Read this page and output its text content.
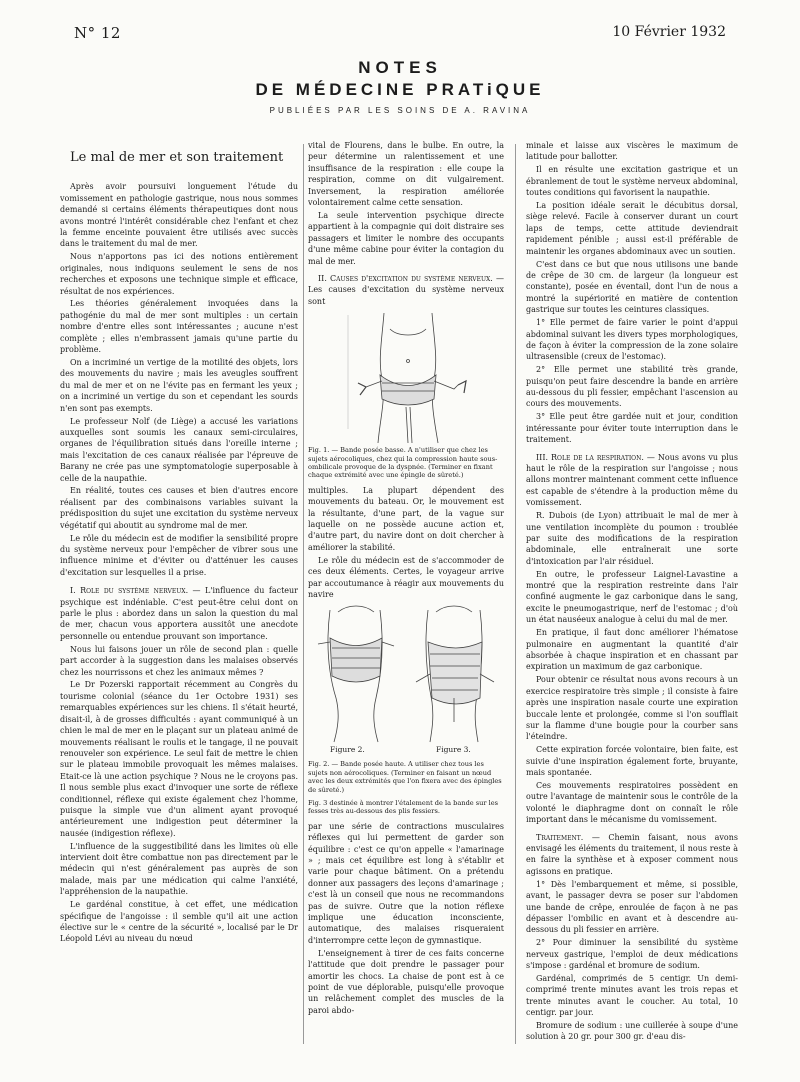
N° 12	10 Février 1932
NOTES
DE MÉDECINE PRATiQUE
PUBLIÉES PAR LES SOINS DE A. RAVINA
Le mal de mer et son traitement

Après avoir poursuivi longuement l'étude du vomissement en pathologie gastrique, nous nous sommes demandé si certains éléments thérapeutiques dont nous avons montré l'intérêt considérable chez l'enfant et chez la femme enceinte pouvaient être utilisés avec succès dans le traitement du mal de mer.

Nous n'apportons pas ici des notions entièrement originales, nous indiquons seulement le sens de nos recherches et exposons une technique simple et efficace, résultat de nos expériences.

Les théories généralement invoquées dans la pathogénie du mal de mer sont multiples : un certain nombre d'entre elles sont intéressantes ; aucune n'est complète ; elles n'embrassent jamais qu'une partie du problème.

On a incriminé un vertige de la motilité des objets, lors des mouvements du navire ; mais les aveugles souffrent du mal de mer et on ne l'évite pas en fermant les yeux ; on a incriminé un vertige du son et cependant les sourds n'en sont pas exempts.

Le professeur Nolf (de Liège) a accusé les variations auxquelles sont soumis les canaux semi-circulaires, organes de l'équilibration situés dans l'oreille interne ; mais l'excitation de ces canaux réalisée par l'épreuve de Barany ne crée pas une symptomatologie superposable à celle de la naupathie.

En réalité, toutes ces causes et bien d'autres encore réalisent par des combinaisons variables suivant la prédisposition du sujet une excitation du système nerveux végétatif qui aboutit au syndrome mal de mer.

Le rôle du médecin est de modifier la sensibilité propre du système nerveux pour l'empêcher de vibrer sous une influence minime et d'éviter ou d'atténuer les causes d'excitation sur lesquelles il a prise.

I. Role du système nerveux. — L'influence du facteur psychique est indéniable. C'est peut-être celui dont on parle le plus : abordez dans un salon la question du mal de mer, chacun vous apportera aussitôt une anecdote personnelle ou entendue prouvant son importance.

Nous lui faisons jouer un rôle de second plan : quelle part accorder à la suggestion dans les malaises observés chez les nourrissons et chez les animaux mêmes ?

Le Dr Pozerski rapportait récemment au Congrès du tourisme colonial (séance du 1er Octobre 1931) ses remarquables expériences sur les chiens. Il s'était heurté, disait-il, à de grosses difficultés : ayant communiqué à un chien le mal de mer en le plaçant sur un plateau animé de mouvements réalisant le roulis et le tangage, il ne pouvait renouveler son expérience. Le seul fait de mettre le chien sur le plateau immobile provoquait les mêmes malaises. Etait-ce là une action psychique ? Nous ne le croyons pas. Il nous semble plus exact d'invoquer une sorte de réflexe conditionnel, réflexe qui existe également chez l'homme, puisque la simple vue d'un aliment ayant provoqué antérieurement une indigestion peut déterminer la nausée (indigestion réflexe).

L'influence de la suggestibilité dans les limites où elle intervient doit être combattue non pas directement par le médecin qui n'est généralement pas auprès de son malade, mais par une médication qui calme l'anxiété, l'appréhension de la naupathie.

Le gardénal constitue, à cet effet, une médication spécifique de l'angoisse : il semble qu'il ait une action élective sur le « centre de la sécurité », localisé par le Dr Léopold Lévi au niveau du nœud

vital de Flourens, dans le bulbe. En outre, la peur détermine un ralentissement et une insuffisance de la respiration : elle coupe la respiration, comme on dit vulgairement. Inversement, la respiration améliorée volontairement calme cette sensation.

La seule intervention psychique directe appartient à la compagnie qui doit distraire ses passagers et limiter le nombre des occupants d'une même cabine pour éviter la contagion du mal de mer.

II. Causes d'excitation du système nerveux. — Les causes d'excitation du système nerveux sont

Fig. 1. — Bande posée basse. A n'utiliser que chez les sujets aérocoliques, chez qui la compression haute sous-ombilicale provoque de la dyspnée. (Terminer en fixant chaque extrémité avec une épingle de sûreté.)

multiples. La plupart dépendent des mouvements du bateau. Or, le mouvement est la résultante, d'une part, de la vague sur laquelle on ne possède aucune action et, d'autre part, du navire dont on doit chercher à améliorer la stabilité.

Le rôle du médecin est de s'accommoder de ces deux éléments. Certes, le voyageur arrive par accoutumance à réagir aux mouvements du navire

Figure 2.	Figure 3.
Fig. 2. — Bande posée haute. A utiliser chez tous les sujets non aérocoliques. (Terminer en faisant un nœud avec les deux extrémités que l'on fixera avec des épingles de sûreté.)
Fig. 3 destinée à montrer l'étalement de la bande sur les fesses très au-dessous des plis fessiers.

par une série de contractions musculaires réflexes qui lui permettent de garder son équilibre : c'est ce qu'on appelle « l'amarinage » ; mais cet équilibre est long à s'établir et varie pour chaque bâtiment. On a prétendu donner aux passagers des leçons d'amarinage ; c'est là un conseil que nous ne recommandons pas de suivre. Outre que la notion réflexe implique une éducation inconsciente, automatique, des malaises risqueraient d'interrompre cette leçon de gymnastique.

L'enseignement à tirer de ces faits concerne l'attitude que doit prendre le passager pour amortir les chocs. La chaise de pont est à ce point de vue déplorable, puisqu'elle provoque un relâchement complet des muscles de la paroi abdo-

minale et laisse aux viscères le maximum de latitude pour ballotter.

Il en résulte une excitation gastrique et un ébranlement de tout le système nerveux abdominal, toutes conditions qui favorisent la naupathie.

La position idéale serait le décubitus dorsal, siège relevé. Facile à conserver durant un court laps de temps, cette attitude deviendrait rapidement pénible ; aussi est-il préférable de maintenir les organes abdominaux avec un soutien.

C'est dans ce but que nous utilisons une bande de crêpe de 30 cm. de largeur (la longueur est constante), posée en éventail, dont l'un de nous a montré la supériorité en matière de contention gastrique sur toutes les ceintures classiques.

1° Elle permet de faire varier le point d'appui abdominal suivant les divers types morphologiques, de façon à éviter la compression de la zone solaire ultrasensible (creux de l'estomac).

2° Elle permet une stabilité très grande, puisqu'on peut faire descendre la bande en arrière au-dessous du pli fessier, empêchant l'ascension au cours des mouvements.

3° Elle peut être gardée nuit et jour, condition intéressante pour éviter toute interruption dans le traitement.

III. Role de la respiration. — Nous avons vu plus haut le rôle de la respiration sur l'angoisse ; nous allons montrer maintenant comment cette influence est capable de s'étendre à la production même du vomissement.

R. Dubois (de Lyon) attribuait le mal de mer à une ventilation incomplète du poumon : troublée par suite des modifications de la respiration abdominale, elle entraînerait une sorte d'intoxication par l'air résiduel.

En outre, le professeur Laignel-Lavastine a montré que la respiration restreinte dans l'air confiné augmente le gaz carbonique dans le sang, excite le pneumogastrique, nerf de l'estomac ; d'où un état nauséeux analogue à celui du mal de mer.

En pratique, il faut donc améliorer l'hématose pulmonaire en augmentant la quantité d'air absorbée à chaque inspiration et en chassant par expiration un maximum de gaz carbonique.

Pour obtenir ce résultat nous avons recours à un exercice respiratoire très simple ; il consiste à faire après une inspiration nasale courte une expiration buccale lente et prolongée, comme si l'on soufflait sur la flamme d'une bougie pour la courber sans l'éteindre.

Cette expiration forcée volontaire, bien faite, est suivie d'une inspiration également forte, bruyante, mais spontanée.

Ces mouvements respiratoires possèdent en outre l'avantage de maintenir sous le contrôle de la volonté le diaphragme dont on connaît le rôle important dans le mécanisme du vomissement.

Traitement. — Chemin faisant, nous avons envisagé les éléments du traitement, il nous reste à en faire la synthèse et à exposer comment nous agissons en pratique.

1° Dès l'embarquement et même, si possible, avant, le passager devra se poser sur l'abdomen une bande de crêpe, enroulée de façon à ne pas dépasser l'ombilic en avant et à descendre au-dessous du pli fessier en arrière.

2° Pour diminuer la sensibilité du système nerveux gastrique, l'emploi de deux médications s'impose : gardénal et bromure de sodium.

Gardénal, comprimés de 5 centigr. Un demi-comprimé trente minutes avant les trois repas et trente minutes avant le coucher. Au total, 10 centigr. par jour.

Bromure de sodium : une cuillerée à soupe d'une solution à 20 gr. pour 300 gr. d'eau dis-
